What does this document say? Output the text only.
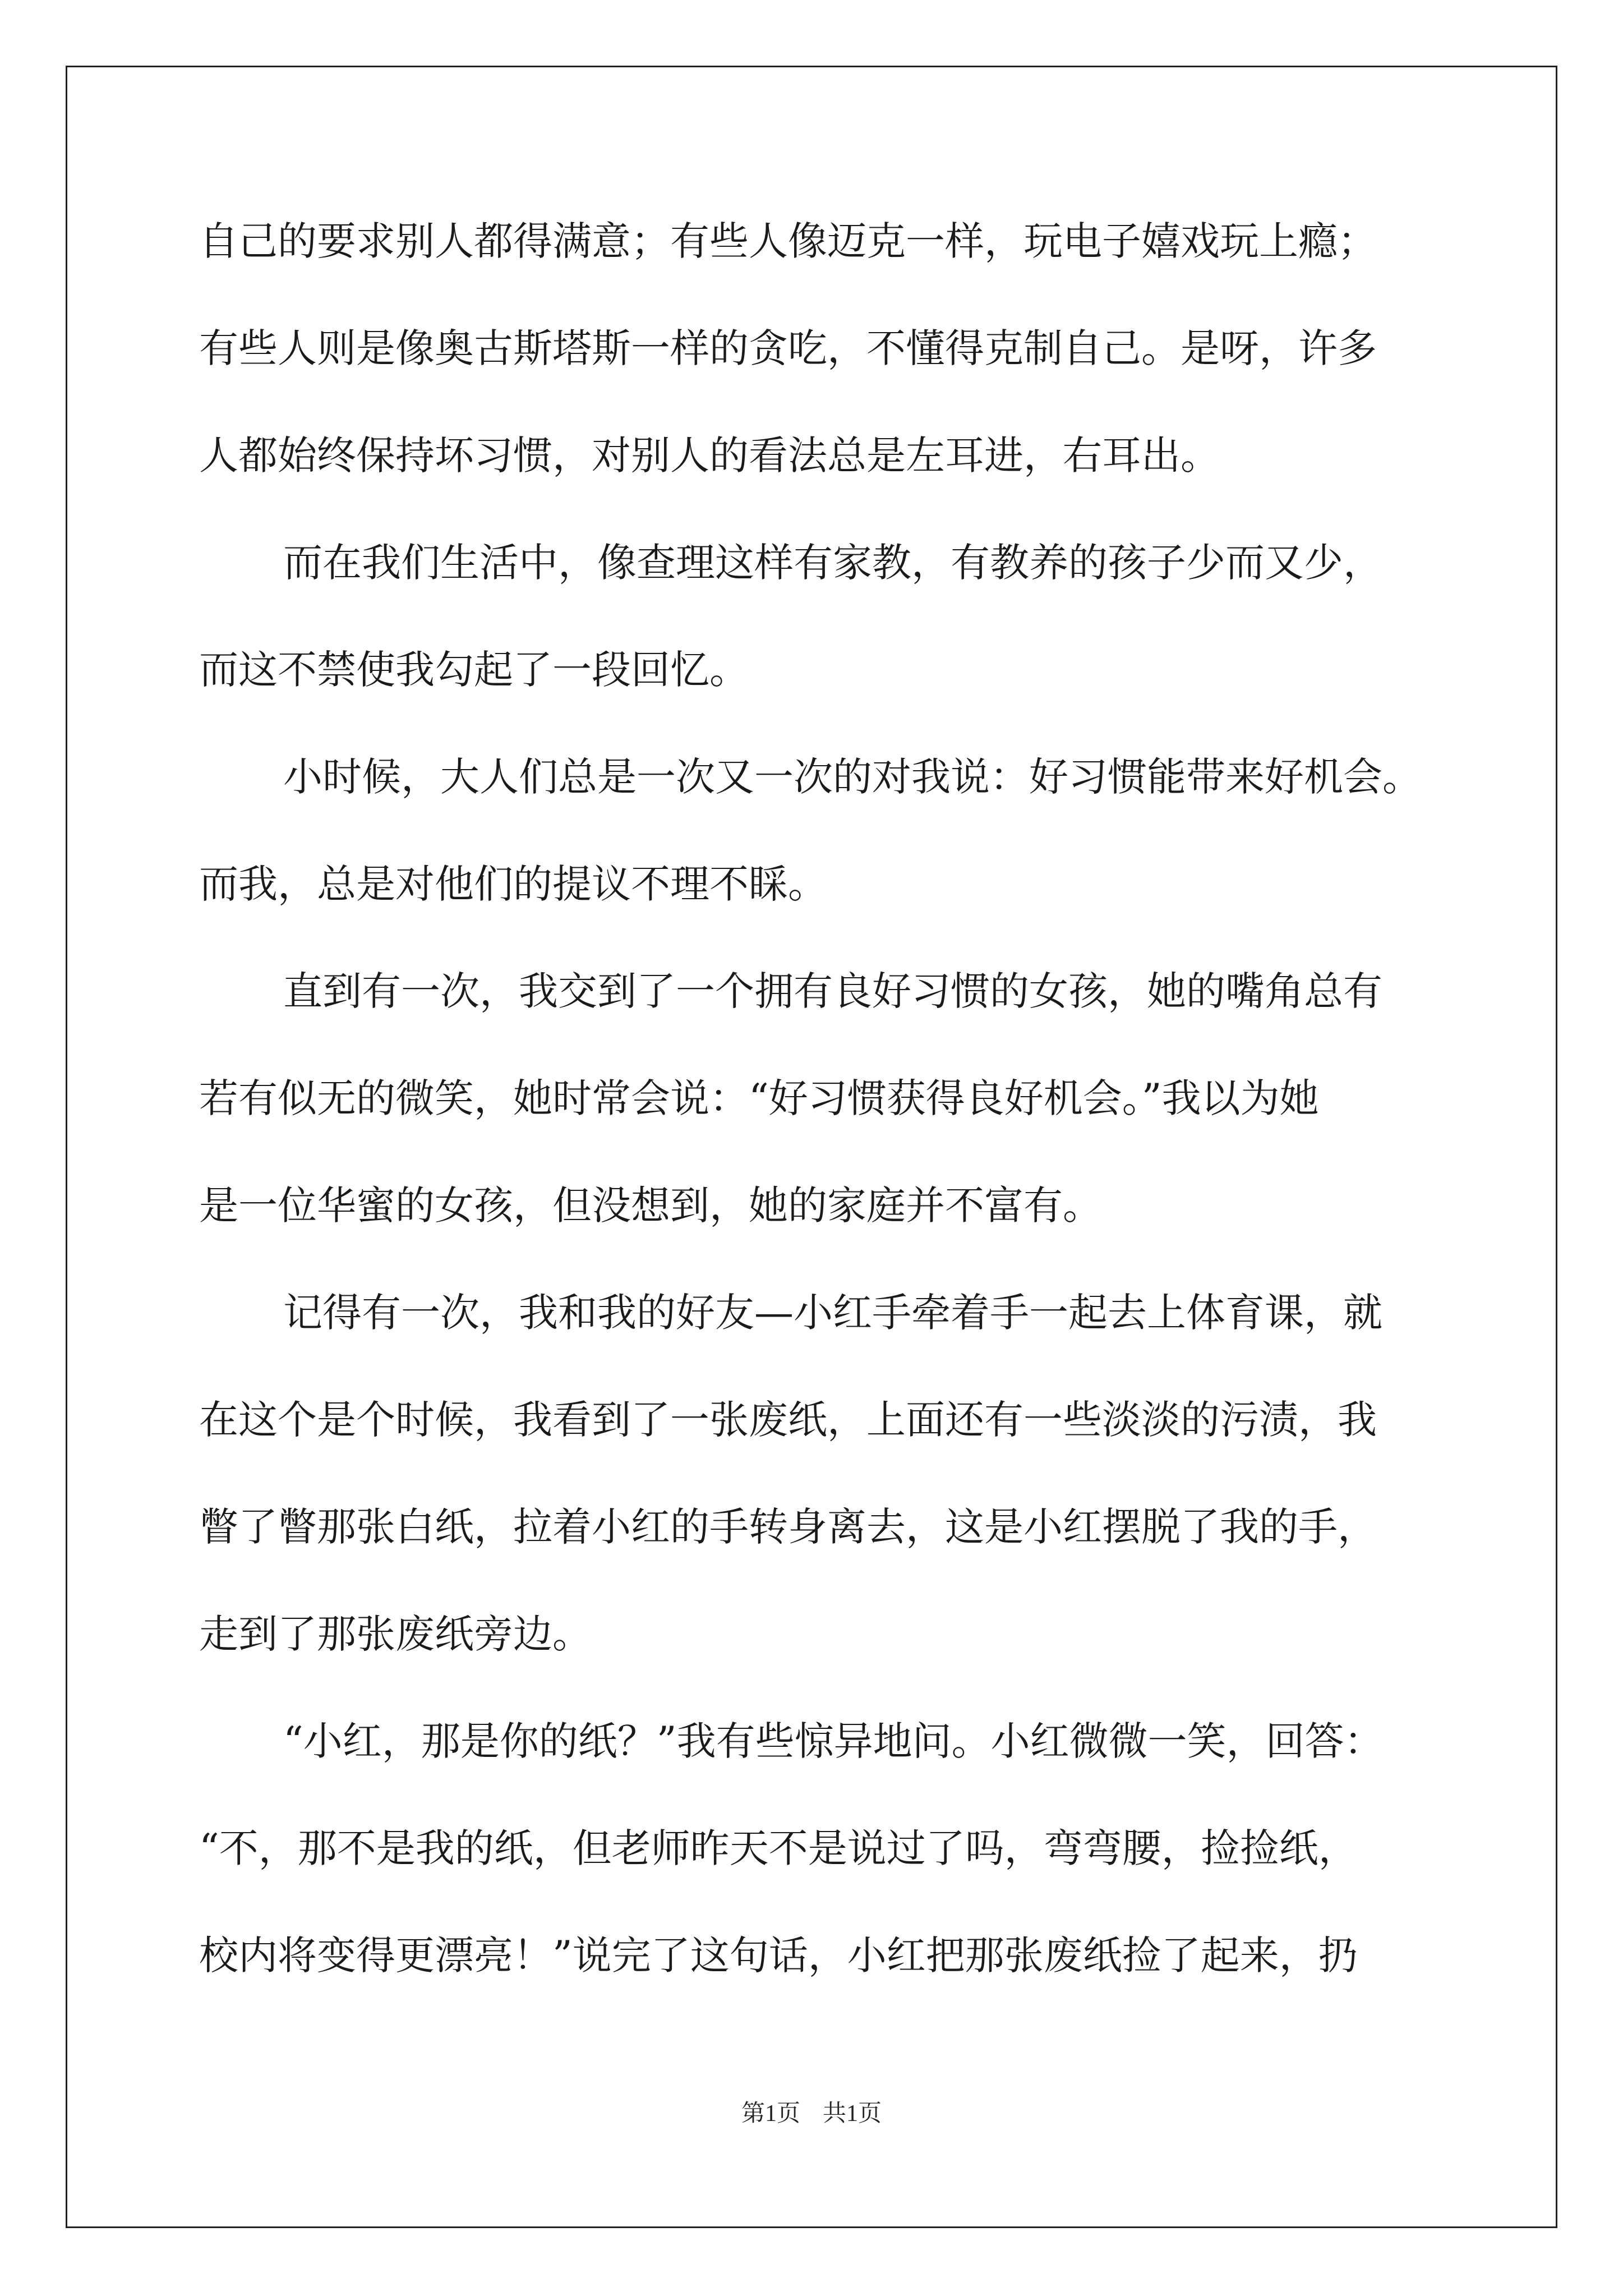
自己的要求别人都得满意；有些人像迈克一样，玩电子嬉戏玩上瘾；
有些人则是像奥古斯塔斯一样的贪吃，不懂得克制自己。是呀，许多
人都始终保持坏习惯，对别人的看法总是左耳进，右耳出。
而在我们生活中，像查理这样有家教，有教养的孩子少而又少，
而这不禁使我勾起了一段回忆。
小时候，大人们总是一次又一次的对我说：好习惯能带来好机会。
而我，总是对他们的提议不理不睬。
直到有一次，我交到了一个拥有良好习惯的女孩，她的嘴角总有
若有似无的微笑，她时常会说：“好习惯获得良好机会。”我以为她
是一位华蜜的女孩，但没想到，她的家庭并不富有。
记得有一次，我和我的好友—小红手牵着手一起去上体育课，就
在这个是个时候，我看到了一张废纸，上面还有一些淡淡的污渍，我
瞥了瞥那张白纸，拉着小红的手转身离去，这是小红摆脱了我的手，
走到了那张废纸旁边。
“小红，那是你的纸？”我有些惊异地问。小红微微一笑，回答：
“不，那不是我的纸，但老师昨天不是说过了吗，弯弯腰，捡捡纸，
校内将变得更漂亮！”说完了这句话，小红把那张废纸捡了起来，扔
第1页 共1页
